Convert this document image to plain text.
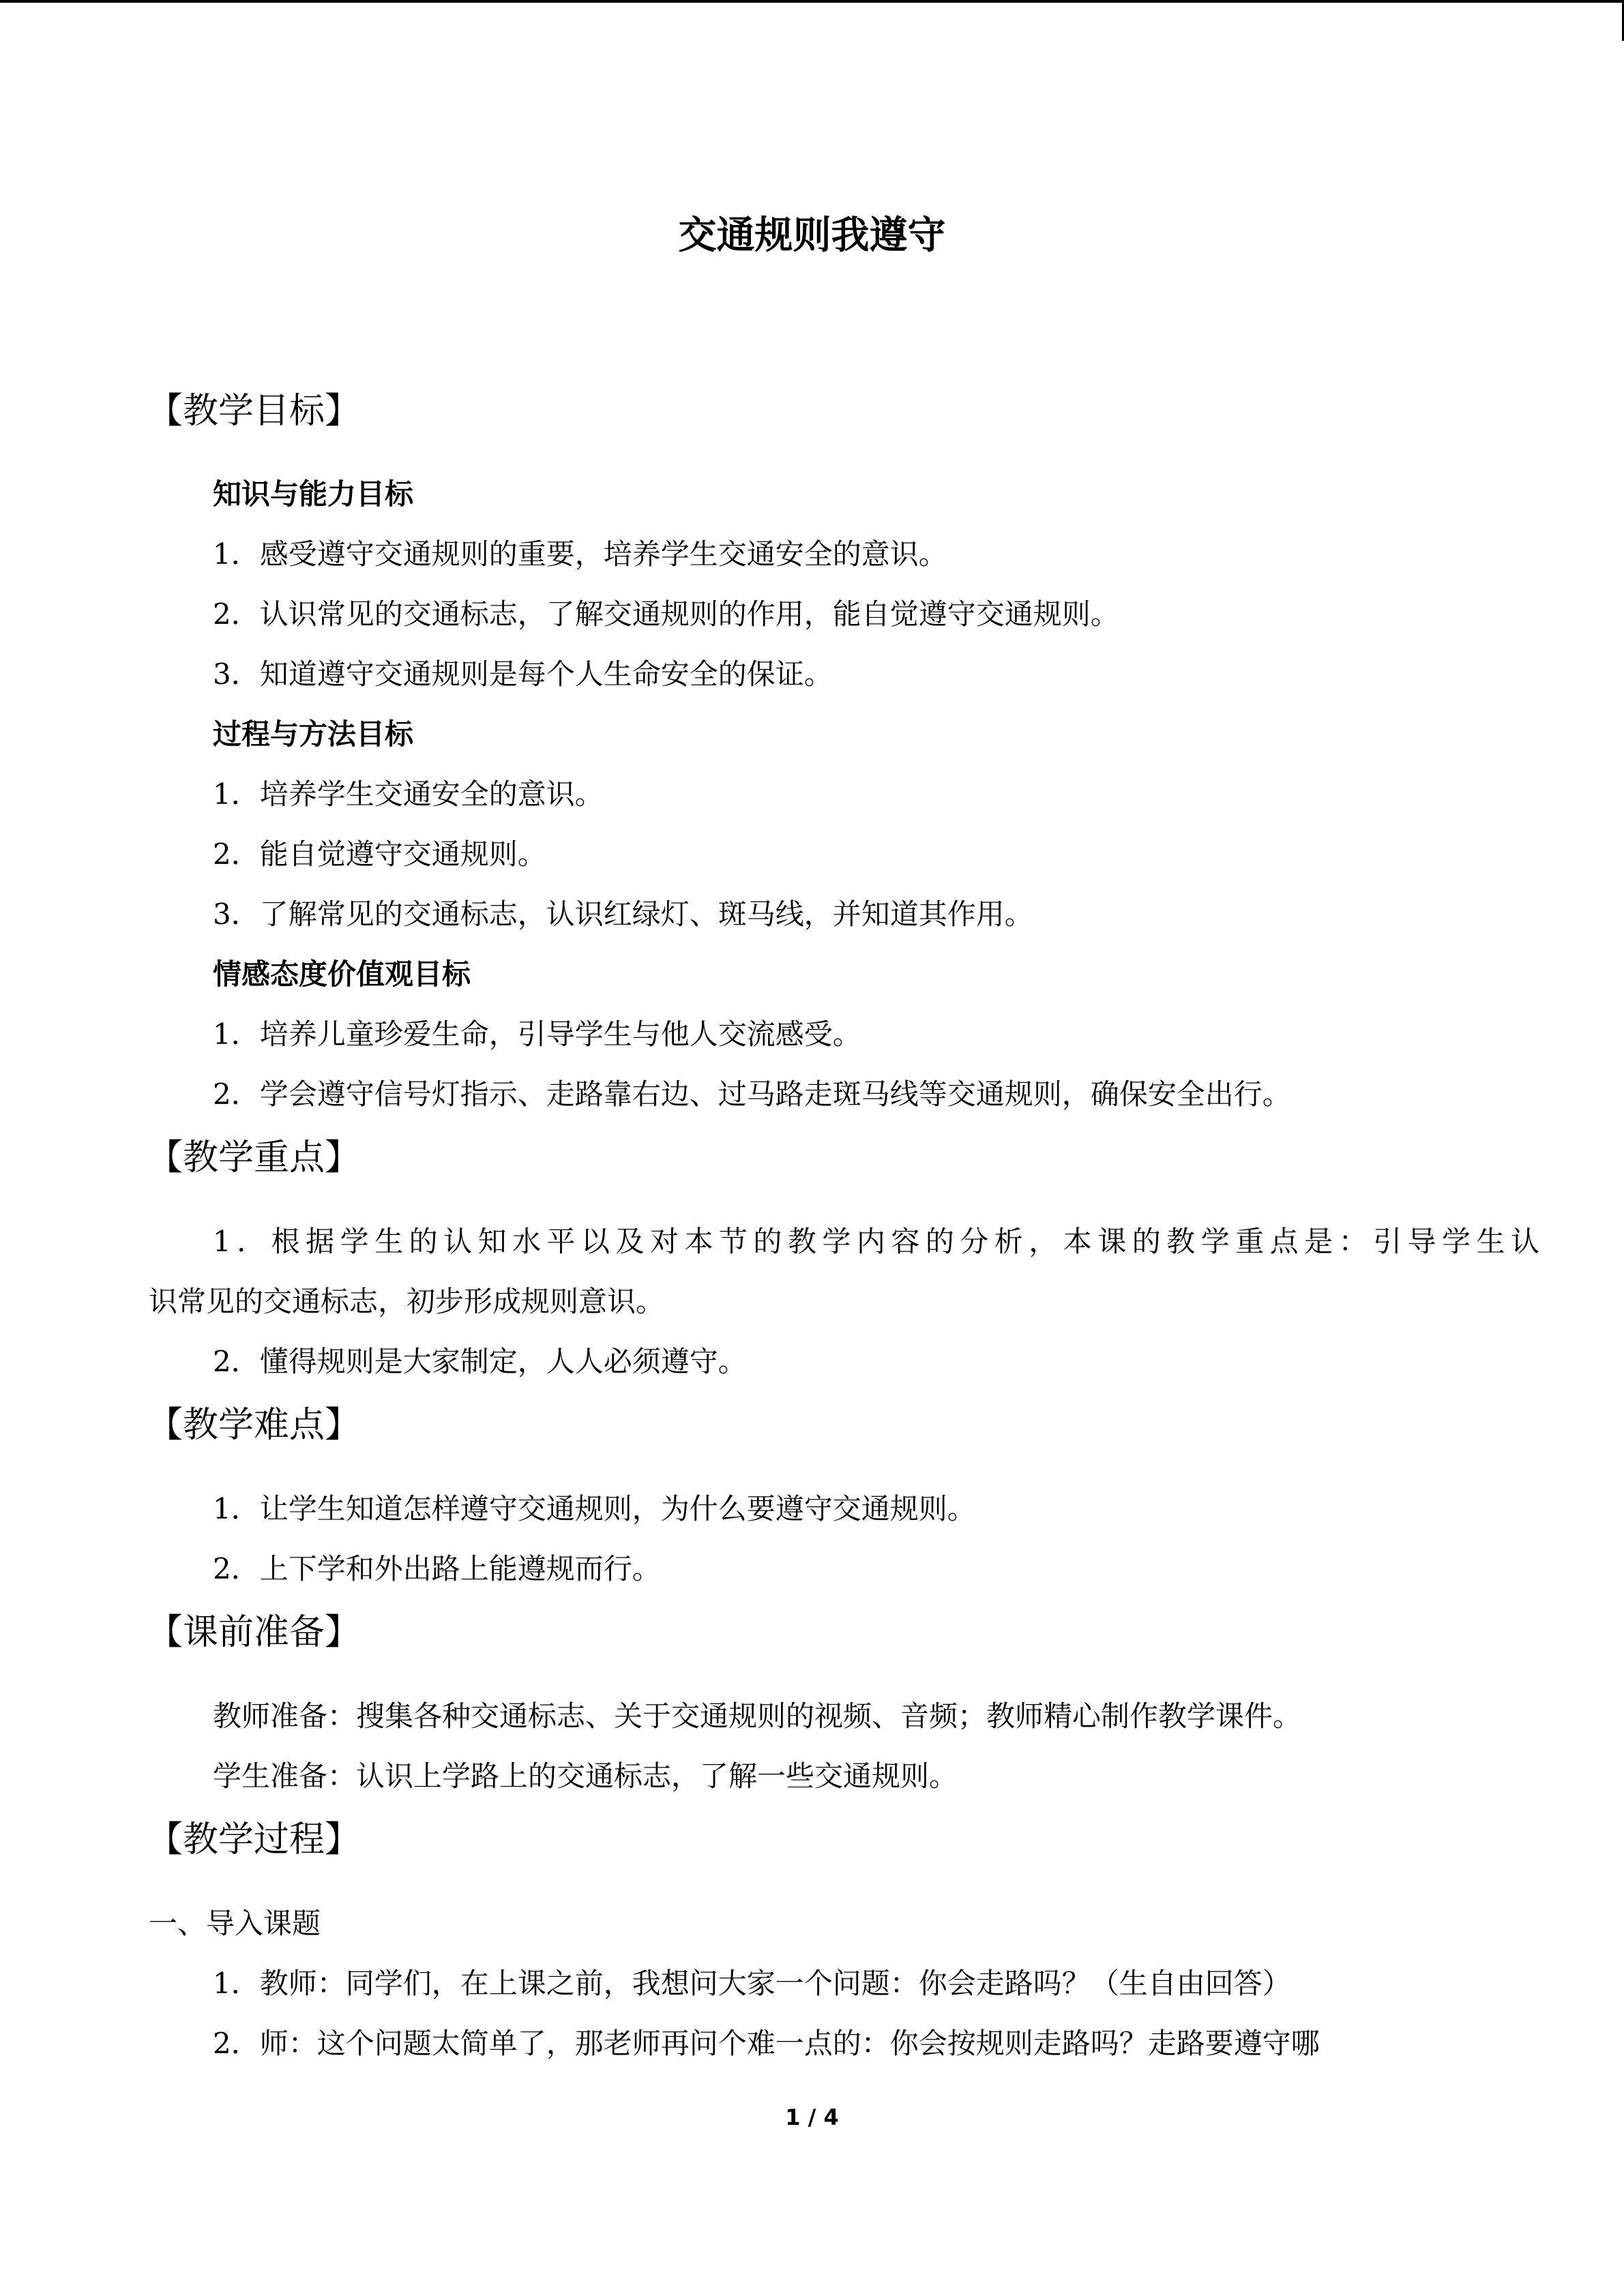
交通规则我遵守
【教学目标】
知识与能力目标
1．感受遵守交通规则的重要，培养学生交通安全的意识。
2．认识常见的交通标志，了解交通规则的作用，能自觉遵守交通规则。
3．知道遵守交通规则是每个人生命安全的保证。
过程与方法目标
1．培养学生交通安全的意识。
2．能自觉遵守交通规则。
3．了解常见的交通标志，认识红绿灯、斑马线，并知道其作用。
情感态度价值观目标
1．培养儿童珍爱生命，引导学生与他人交流感受。
2．学会遵守信号灯指示、走路靠右边、过马路走斑马线等交通规则，确保安全出行。
【教学重点】
1．根据学生的认知水平以及对本节的教学内容的分析，本课的教学重点是：引导学生认
识常见的交通标志，初步形成规则意识。
2．懂得规则是大家制定，人人必须遵守。
【教学难点】
1．让学生知道怎样遵守交通规则，为什么要遵守交通规则。
2．上下学和外出路上能遵规而行。
【课前准备】
教师准备：搜集各种交通标志、关于交通规则的视频、音频；教师精心制作教学课件。
学生准备：认识上学路上的交通标志，了解一些交通规则。
【教学过程】
一、导入课题
1．教师：同学们，在上课之前，我想问大家一个问题：你会走路吗？（生自由回答）
2．师：这个问题太简单了，那老师再问个难一点的：你会按规则走路吗？走路要遵守哪
1 / 4
